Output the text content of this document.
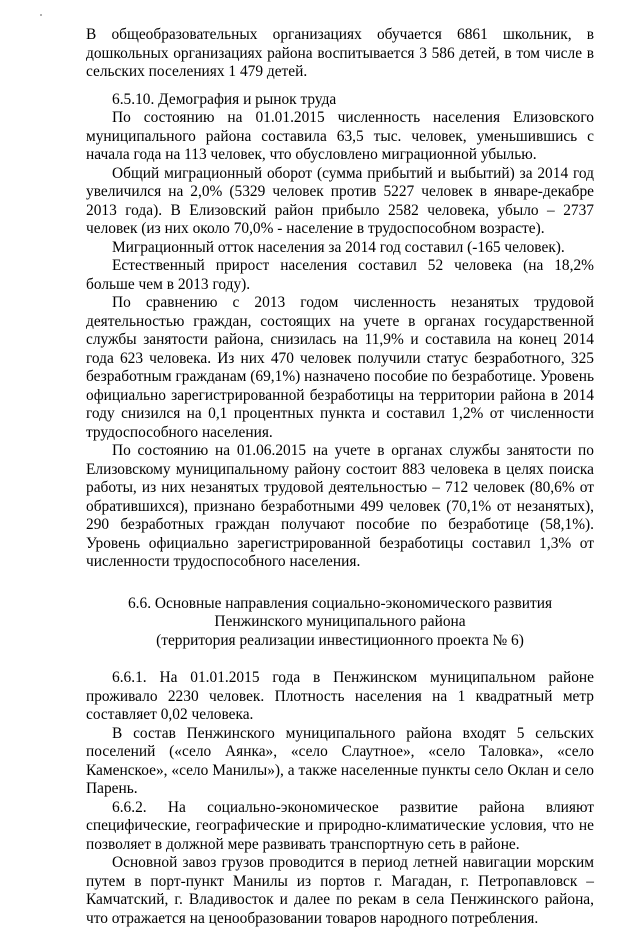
В общеобразовательных организациях обучается 6861 школьник, в дошкольных организациях района воспитывается 3 586 детей, в том числе в сельских поселениях 1 479 детей.

6.5.10. Демография и рынок труда

По состоянию на 01.01.2015 численность населения Елизовского муниципального района составила 63,5 тыс. человек, уменьшившись с начала года на 113 человек, что обусловлено миграционной убылью.

Общий миграционный оборот (сумма прибытий и выбытий) за 2014 год увеличился на 2,0% (5329 человек против 5227 человек в январе-декабре 2013 года). В Елизовский район прибыло 2582 человека, убыло – 2737 человек (из них около 70,0% - население в трудоспособном возрасте).

Миграционный отток населения за 2014 год составил (-165 человек).

Естественный прирост населения составил 52 человека (на 18,2% больше чем в 2013 году).

По сравнению с 2013 годом численность незанятых трудовой деятельностью граждан, состоящих на учете в органах государственной службы занятости района, снизилась на 11,9% и составила на конец 2014 года 623 человека. Из них 470 человек получили статус безработного, 325 безработным гражданам (69,1%) назначено пособие по безработице. Уровень официально зарегистрированной безработицы на территории района в 2014 году снизился на 0,1 процентных пункта и составил 1,2% от численности трудоспособного населения.

По состоянию на 01.06.2015 на учете в органах службы занятости по Елизовскому муниципальному району состоит 883 человека в целях поиска работы, из них незанятых трудовой деятельностью – 712 человек (80,6% от обратившихся), признано безработными 499 человек (70,1% от незанятых), 290 безработных граждан получают пособие по безработице (58,1%). Уровень официально зарегистрированной безработицы составил 1,3% от численности трудоспособного населения.

6.6. Основные направления социально-экономического развития
Пенжинского муниципального района
(территория реализации инвестиционного проекта № 6)

6.6.1. На 01.01.2015 года в Пенжинском муниципальном районе проживало 2230 человек. Плотность населения на 1 квадратный метр составляет 0,02 человека.

В состав Пенжинского муниципального района входят 5 сельских поселений («село Аянка», «село Слаутное», «село Таловка», «село Каменское», «село Манилы»), а также населенные пункты село Оклан и село Парень.

6.6.2. На социально-экономическое развитие района влияют специфические, географические и природно-климатические условия, что не позволяет в должной мере развивать транспортную сеть в районе.

Основной завоз грузов проводится в период летней навигации морским путем в порт-пункт Манилы из портов г. Магадан, г. Петропавловск – Камчатский, г. Владивосток и далее по рекам в села Пенжинского района, что отражается на ценообразовании товаров народного потребления.
